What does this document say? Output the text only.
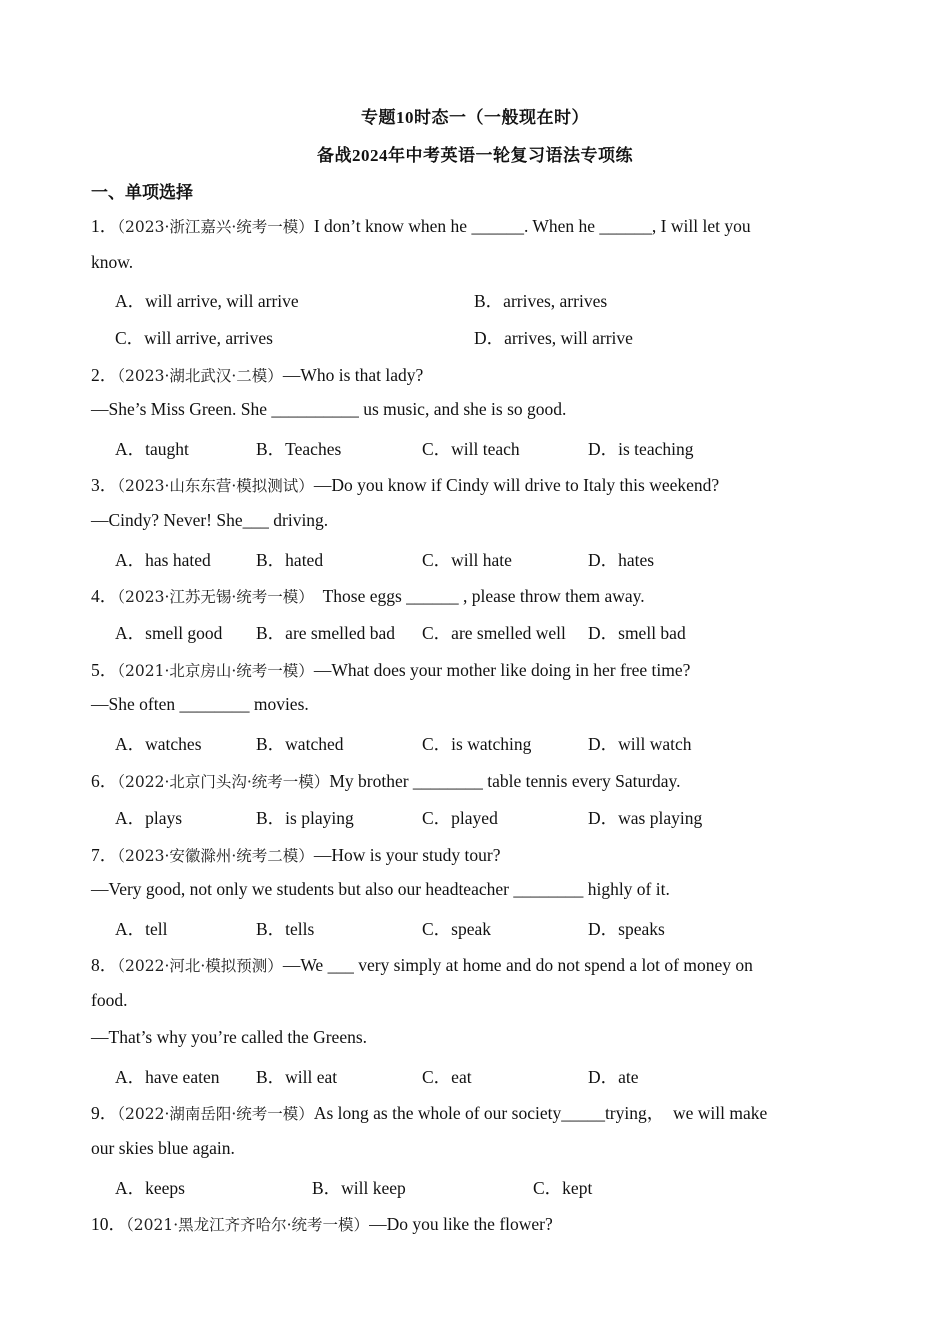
专题10时态一（一般现在时）
备战2024年中考英语一轮复习语法专项练
一、单项选择
1．（2023·浙江嘉兴·统考一模）I don’t know when he ______. When he ______, I will let you
know.
A．will arrive, will arrive	B．arrives, arrives
C．will arrive, arrives	D．arrives, will arrive
2．（2023·湖北武汉·二模）—Who is that lady?
—She’s Miss Green. She __________ us music, and she is so good.
A．taught	B．Teaches	C．will teach	D．is teaching
3．（2023·山东东营·模拟测试）—Do you know if Cindy will drive to Italy this weekend?
—Cindy? Never! She___ driving.
A．has hated	B．hated	C．will hate	D．hates
4．（2023·江苏无锡·统考一模）  Those eggs ______ , please throw them away.
A．smell good B．are smelled bad C．are smelled well D．smell bad
5．（2021·北京房山·统考一模）—What does your mother like doing in her free time?
—She often ________ movies.
A．watches	B．watched	C．is watching	D．will watch
6．（2022·北京门头沟·统考一模）My brother ________ table tennis every Saturday.
A．plays	B．is playing	C．played	D．was playing
7．（2023·安徽滁州·统考二模）—How is your study tour?
—Very good, not only we students but also our headteacher ________ highly of it.
A．tell	B．tells	C．speak	D．speaks
8．（2022·河北·模拟预测）—We ___ very simply at home and do not spend a lot of money on
food.
—That’s why you’re called the Greens.
A．have eaten B．will eat	C．eat	D．ate
9．（2022·湖南岳阳·统考一模）As long as the whole of our society_____trying，  we will make
our skies blue again.
A．keeps	B．will keep	C．kept
10．（2021·黑龙江齐齐哈尔·统考一模）—Do you like the flower?
